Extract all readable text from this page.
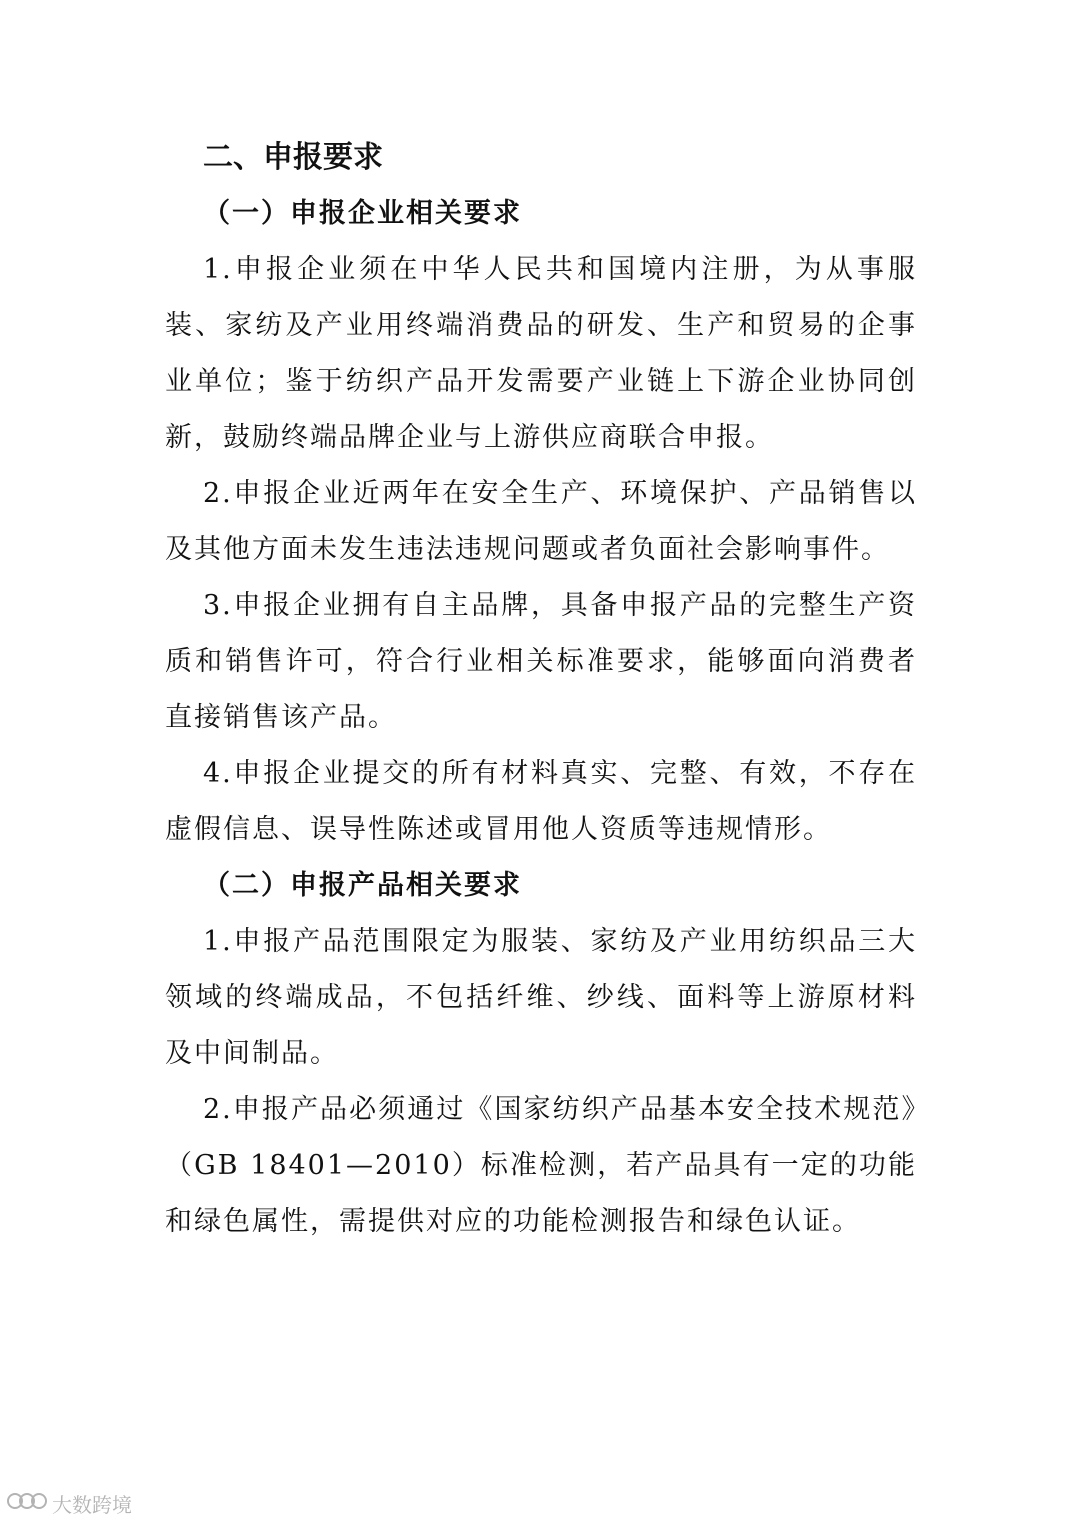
二、申报要求
（一）申报企业相关要求

1.申报企业须在中华人民共和国境内注册，为从事服装、家纺及产业用终端消费品的研发、生产和贸易的企事业单位；鉴于纺织产品开发需要产业链上下游企业协同创新，鼓励终端品牌企业与上游供应商联合申报。

2.申报企业近两年在安全生产、环境保护、产品销售以及其他方面未发生违法违规问题或者负面社会影响事件。

3.申报企业拥有自主品牌，具备申报产品的完整生产资质和销售许可，符合行业相关标准要求，能够面向消费者直接销售该产品。

4.申报企业提交的所有材料真实、完整、有效，不存在虚假信息、误导性陈述或冒用他人资质等违规情形。

（二）申报产品相关要求

1.申报产品范围限定为服装、家纺及产业用纺织品三大领域的终端成品，不包括纤维、纱线、面料等上游原材料及中间制品。

2.申报产品必须通过《国家纺织产品基本安全技术规范》（GB 18401—2010）标准检测，若产品具有一定的功能和绿色属性，需提供对应的功能检测报告和绿色认证。

大数跨境
